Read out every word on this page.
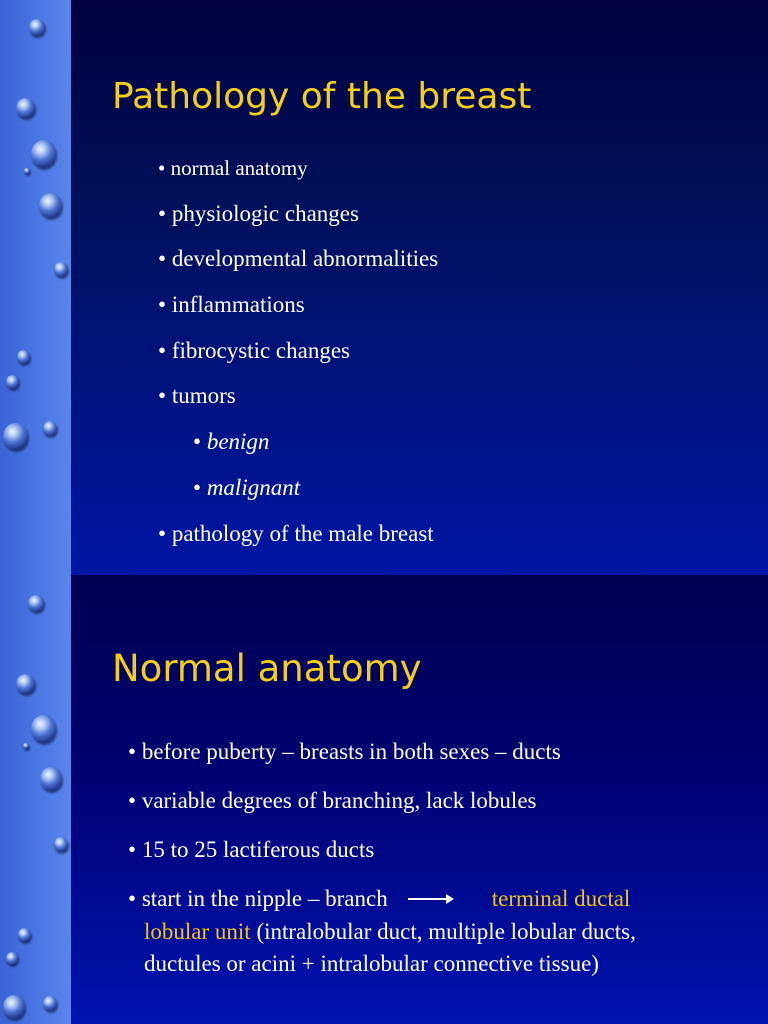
Pathology of the breast
• normal anatomy
• physiologic changes
• developmental abnormalities
• inflammations
• fibrocystic changes
• tumors
• benign
• malignant
• pathology of the male breast
Normal anatomy
• before puberty – breasts in both sexes – ducts
• variable degrees of branching, lack lobules
• 15 to 25 lactiferous ducts
• start in the nipple – branch	terminal ductal lobular unit (intralobular duct, multiple lobular ducts, ductules or acini + intralobular connective tissue)
